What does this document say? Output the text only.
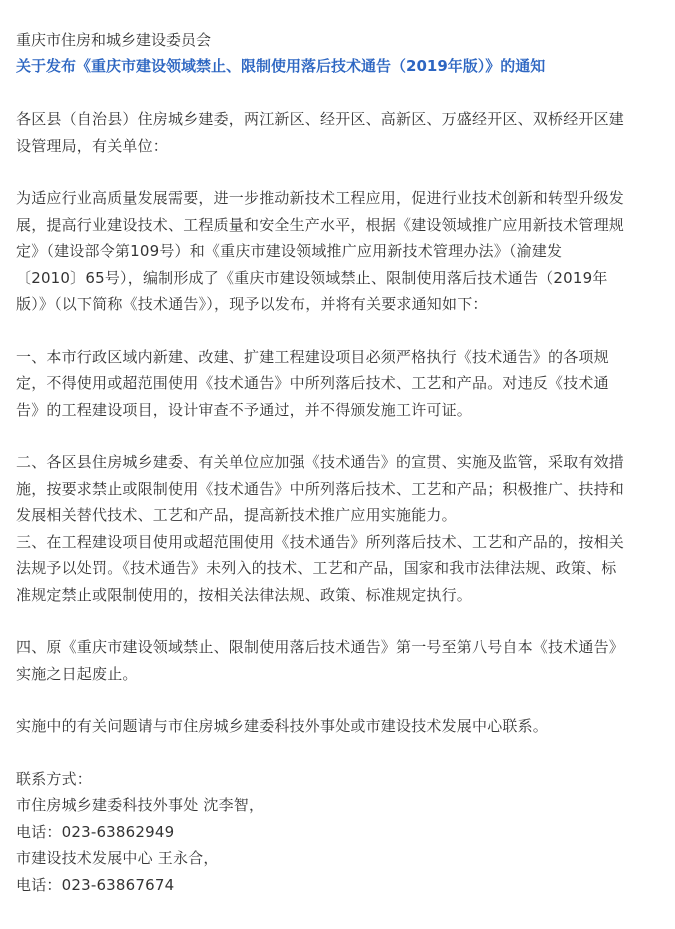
重庆市住房和城乡建设委员会

关于发布《重庆市建设领域禁止、限制使用落后技术通告（2019年版）》的通知

各区县（自治县）住房城乡建委，两江新区、经开区、高新区、万盛经开区、双桥经开区建
设管理局，有关单位：

为适应行业高质量发展需要，进一步推动新技术工程应用，促进行业技术创新和转型升级发
展，提高行业建设技术、工程质量和安全生产水平，根据《建设领域推广应用新技术管理规
定》（建设部令第109号）和《重庆市建设领域推广应用新技术管理办法》（渝建发
〔2010〕65号），编制形成了《重庆市建设领域禁止、限制使用落后技术通告（2019年
版）》（以下简称《技术通告》），现予以发布，并将有关要求通知如下：

一、本市行政区域内新建、改建、扩建工程建设项目必须严格执行《技术通告》的各项规
定，不得使用或超范围使用《技术通告》中所列落后技术、工艺和产品。对违反《技术通
告》的工程建设项目，设计审查不予通过，并不得颁发施工许可证。

二、各区县住房城乡建委、有关单位应加强《技术通告》的宣贯、实施及监管，采取有效措
施，按要求禁止或限制使用《技术通告》中所列落后技术、工艺和产品；积极推广、扶持和
发展相关替代技术、工艺和产品，提高新技术推广应用实施能力。

三、在工程建设项目使用或超范围使用《技术通告》所列落后技术、工艺和产品的，按相关
法规予以处罚。《技术通告》未列入的技术、工艺和产品，国家和我市法律法规、政策、标
准规定禁止或限制使用的，按相关法律法规、政策、标准规定执行。

四、原《重庆市建设领域禁止、限制使用落后技术通告》第一号至第八号自本《技术通告》
实施之日起废止。

实施中的有关问题请与市住房城乡建委科技外事处或市建设技术发展中心联系。

联系方式：
市住房城乡建委科技外事处 沈李智，
电话：023-63862949
市建设技术发展中心 王永合，
电话：023-63867674
